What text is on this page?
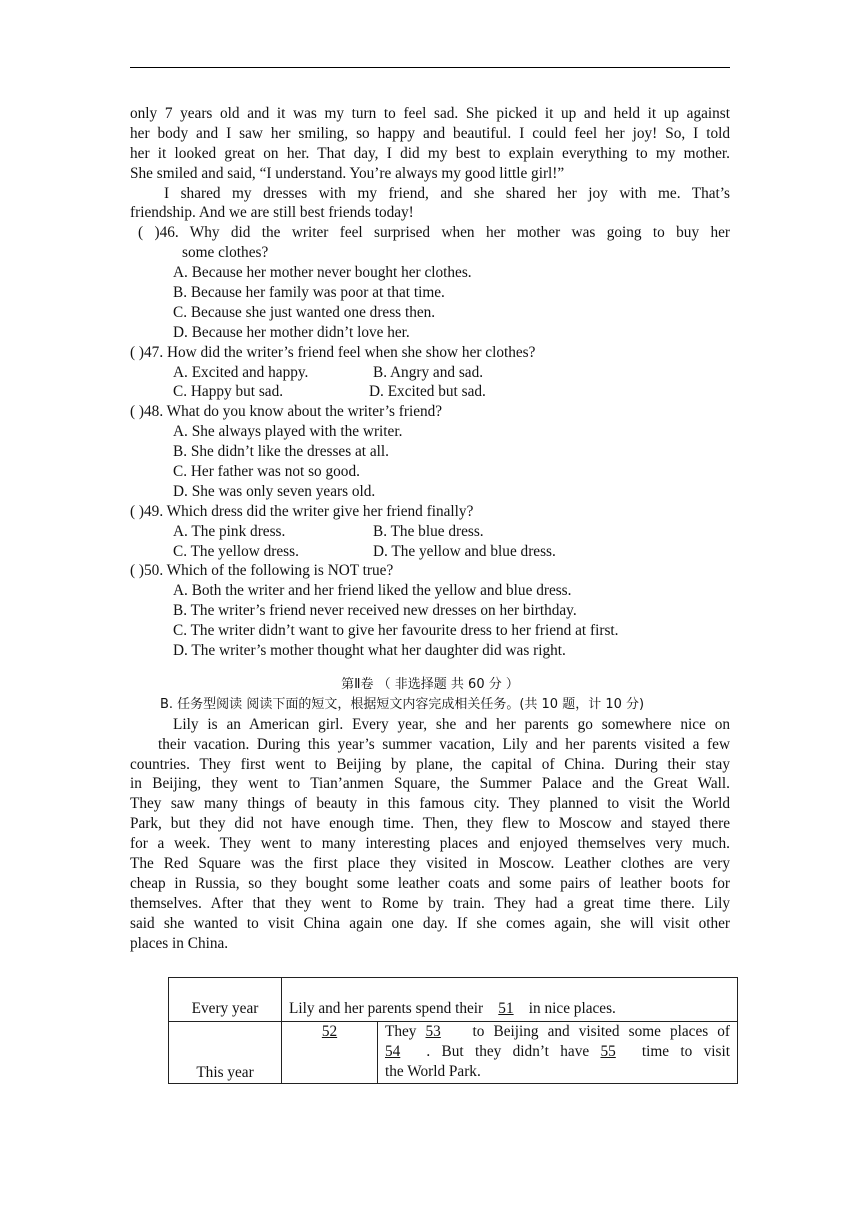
only 7 years old and it was my turn to feel sad. She picked it up and held it up against
her body and I saw her smiling, so happy and beautiful. I could feel her joy! So, I told
her it looked great on her. That day, I did my best to explain everything to my mother.
She smiled and said, “I understand. You’re always my good little girl!”
I shared my dresses with my friend, and she shared her joy with me. That’s
friendship. And we are still best friends today!
( )46. Why did the writer feel surprised when her mother was going to buy her
some clothes?
A. Because her mother never bought her clothes.
B. Because her family was poor at that time.
C. Because she just wanted one dress then.
D. Because her mother didn’t love her.
( )47. How did the writer’s friend feel when she show her clothes?
A. Excited and happy.	B. Angry and sad.
C. Happy but sad.	D. Excited but sad.
( )48. What do you know about the writer’s friend?
A. She always played with the writer.
B. She didn’t like the dresses at all.
C. Her father was not so good.
D. She was only seven years old.
( )49. Which dress did the writer give her friend finally?
A. The pink dress.	B. The blue dress.
C. The yellow dress.	D. The yellow and blue dress.
( )50. Which of the following is NOT true?
A. Both the writer and her friend liked the yellow and blue dress.
B. The writer’s friend never received new dresses on her birthday.
C. The writer didn’t want to give her favourite dress to her friend at first.
D. The writer’s mother thought what her daughter did was right.
第Ⅱ卷 （ 非选择题 共 60 分 ）
B. 任务型阅读 阅读下面的短文，根据短文内容完成相关任务。(共 10 题，计 10 分)
Lily is an American girl. Every year, she and her parents go somewhere nice on
their vacation. During this year’s summer vacation, Lily and her parents visited a few
countries. They first went to Beijing by plane, the capital of China. During their stay
in Beijing, they went to Tian’anmen Square, the Summer Palace and the Great Wall.
They saw many things of beauty in this famous city. They planned to visit the World
Park, but they did not have enough time. Then, they flew to Moscow and stayed there
for a week. They went to many interesting places and enjoyed themselves very much.
The Red Square was the first place they visited in Moscow. Leather clothes are very
cheap in Russia, so they bought some leather coats and some pairs of leather boots for
themselves. After that they went to Rome by train. They had a great time there. Lily
said she wanted to visit China again one day. If she comes again, she will visit other
places in China.
Every year	Lily and her parents spend their 51 in nice places.	
This year	52	They 53 to Beijing and visited some places of
54 . But they didn’t have 55 time to visit
the World Park.
